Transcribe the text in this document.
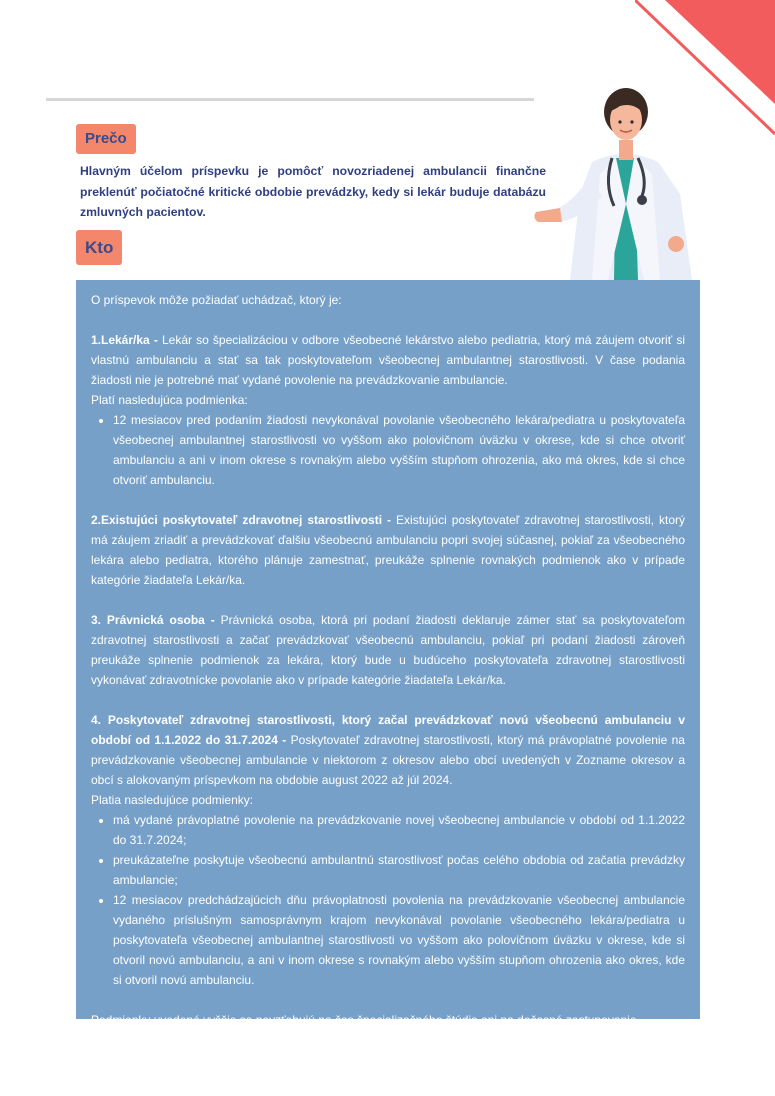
Prečo
Hlavným účelom príspevku je pomôcť novozriadenej ambulancii finančne preklenúť počiatočné kritické obdobie prevádzky, kedy si lekár buduje databázu zmluvných pacientov.
Kto

O príspevok môže požiadať uchádzač, ktorý je:

1.Lekár/ka - Lekár so špecializáciou v odbore všeobecné lekárstvo alebo pediatria, ktorý má záujem otvoriť si vlastnú ambulanciu a stať sa tak poskytovateľom všeobecnej ambulantnej starostlivosti. V čase podania žiadosti nie je potrebné mať vydané povolenie na prevádzkovanie ambulancie.

Platí nasledujúca podmienka:

• 12 mesiacov pred podaním žiadosti nevykonával povolanie všeobecného lekára/pediatra u poskytovateľa všeobecnej ambulantnej starostlivosti vo vyššom ako polovičnom úväzku v okrese, kde si chce otvoriť ambulanciu a ani v inom okrese s rovnakým alebo vyšším stupňom ohrozenia, ako má okres, kde si chce otvoriť ambulanciu.

2.Existujúci poskytovateľ zdravotnej starostlivosti - Existujúci poskytovateľ zdravotnej starostlivosti, ktorý má záujem zriadiť a prevádzkovať ďalšiu všeobecnú ambulanciu popri svojej súčasnej, pokiaľ za všeobecného lekára alebo pediatra, ktorého plánuje zamestnať, preukáže splnenie rovnakých podmienok ako v prípade kategórie žiadateľa Lekár/ka.

3. Právnická osoba - Právnická osoba, ktorá pri podaní žiadosti deklaruje zámer stať sa poskytovateľom zdravotnej starostlivosti a začať prevádzkovať všeobecnú ambulanciu, pokiaľ pri podaní žiadosti zároveň preukáže splnenie podmienok za lekára, ktorý bude u budúceho poskytovateľa zdravotnej starostlivosti vykonávať zdravotnícke povolanie ako v prípade kategórie žiadateľa Lekár/ka.

4. Poskytovateľ zdravotnej starostlivosti, ktorý začal prevádzkovať novú všeobecnú ambulanciu v období od 1.1.2022 do 31.7.2024 - Poskytovateľ zdravotnej starostlivosti, ktorý má právoplatné povolenie na prevádzkovanie všeobecnej ambulancie v niektorom z okresov alebo obcí uvedených v Zozname okresov a obcí s alokovaným príspevkom na obdobie august 2022 až júl 2024.

Platia nasledujúce podmienky:

• má vydané právoplatné povolenie na prevádzkovanie novej všeobecnej ambulancie v období od 1.1.2022 do 31.7.2024;
• preukázateľne poskytuje všeobecnú ambulantnú starostlivosť počas celého obdobia od začatia prevádzky ambulancie;
• 12 mesiacov predchádzajúcich dňu právoplatnosti povolenia na prevádzkovanie všeobecnej ambulancie vydaného príslušným samosprávnym krajom nevykonával povolanie všeobecného lekára/pediatra u poskytovateľa všeobecnej ambulantnej starostlivosti vo vyššom ako polovičnom úväzku v okrese, kde si otvoril novú ambulanciu, a ani v inom okrese s rovnakým alebo vyšším stupňom ohrozenia ako okres, kde si otvoril novú ambulanciu.

Podmienky uvedené vyššie sa nevzťahujú na čas špecializačného štúdia ani na dočasné zastupovanie.
